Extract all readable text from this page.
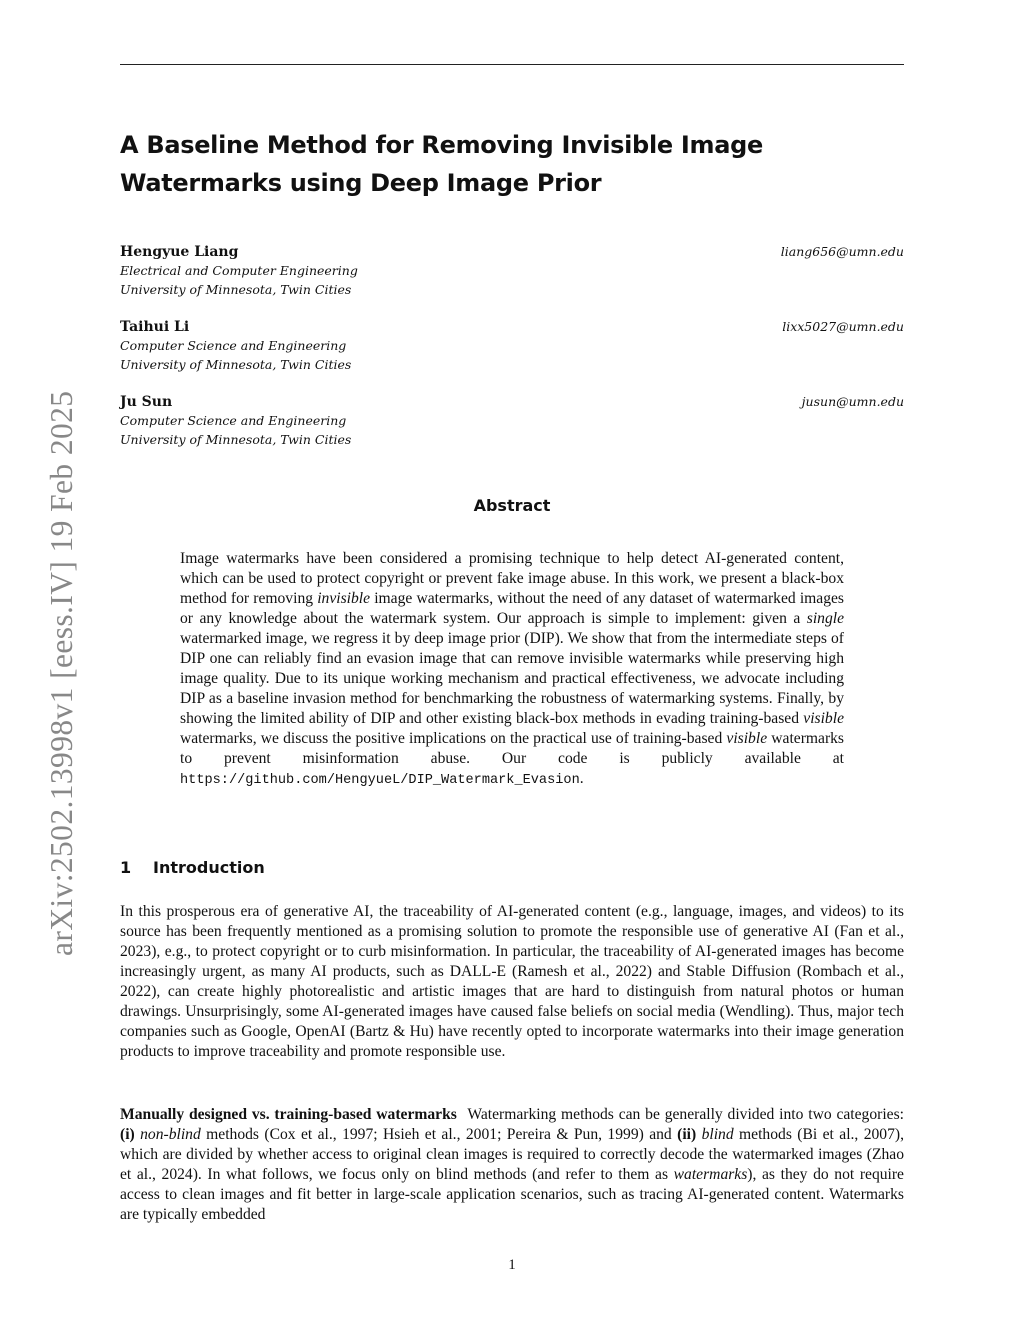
arXiv:2502.13998v1 [eess.IV] 19 Feb 2025
A Baseline Method for Removing Invisible Image Watermarks using Deep Image Prior
Hengyue Liang	liang656@umn.edu
Electrical and Computer Engineering
University of Minnesota, Twin Cities
Taihui Li	lixx5027@umn.edu
Computer Science and Engineering
University of Minnesota, Twin Cities
Ju Sun	jusun@umn.edu
Computer Science and Engineering
University of Minnesota, Twin Cities
Abstract

Image watermarks have been considered a promising technique to help detect AI-generated content, which can be used to protect copyright or prevent fake image abuse. In this work, we present a black-box method for removing invisible image watermarks, without the need of any dataset of watermarked images or any knowledge about the watermark system. Our approach is simple to implement: given a single watermarked image, we regress it by deep image prior (DIP). We show that from the intermediate steps of DIP one can reliably find an evasion image that can remove invisible watermarks while preserving high image quality. Due to its unique working mechanism and practical effectiveness, we advocate including DIP as a baseline invasion method for benchmarking the robustness of watermarking systems. Finally, by showing the limited ability of DIP and other existing black-box methods in evading training-based visible watermarks, we discuss the positive implications on the practical use of training-based visible watermarks to prevent misinformation abuse. Our code is publicly available at https://github.com/HengyueL/DIP_Watermark_Evasion.

1 Introduction

In this prosperous era of generative AI, the traceability of AI-generated content (e.g., language, images, and videos) to its source has been frequently mentioned as a promising solution to promote the responsible use of generative AI (Fan et al., 2023), e.g., to protect copyright or to curb misinformation. In particular, the traceability of AI-generated images has become increasingly urgent, as many AI products, such as DALL-E (Ramesh et al., 2022) and Stable Diffusion (Rombach et al., 2022), can create highly photorealistic and artistic images that are hard to distinguish from natural photos or human drawings. Unsurprisingly, some AI-generated images have caused false beliefs on social media (Wendling). Thus, major tech companies such as Google, OpenAI (Bartz & Hu) have recently opted to incorporate watermarks into their image generation products to improve traceability and promote responsible use.

Manually designed vs. training-based watermarks Watermarking methods can be generally divided into two categories: (i) non-blind methods (Cox et al., 1997; Hsieh et al., 2001; Pereira & Pun, 1999) and (ii) blind methods (Bi et al., 2007), which are divided by whether access to original clean images is required to correctly decode the watermarked images (Zhao et al., 2024). In what follows, we focus only on blind methods (and refer to them as watermarks), as they do not require access to clean images and fit better in large-scale application scenarios, such as tracing AI-generated content. Watermarks are typically embedded

1
